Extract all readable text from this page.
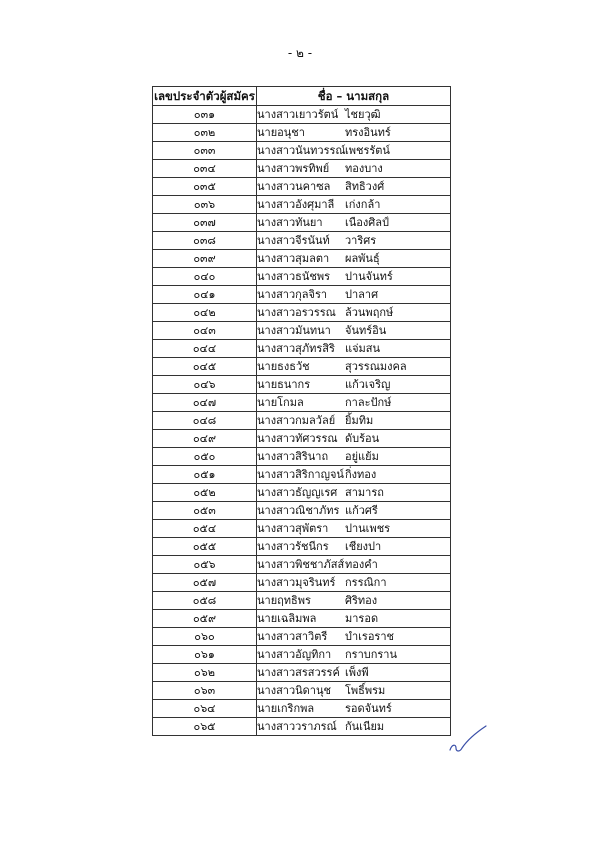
- ๒ -
เลขประจำตัวผู้สมัคร	ชื่อ – นามสกุล
๐๓๑	นางสาวเยาวรัตน์ ไชยวุฒิ
๐๓๒	นายอนุชา ทรงอินทร์
๐๓๓	นางสาวนันทวรรณ์เพชรรัตน์
๐๓๔	นางสาวพรทิพย์ ทองบาง
๐๓๕	นางสาวนคาซล สิทธิวงศ์
๐๓๖	นางสาวอังศุมาลี เก่งกล้า
๐๓๗	นางสาวทันยา เนืองศิลป์
๐๓๘	นางสาวจีรนันท์ วาริศร
๐๓๙	นางสาวสุมลตา ผลพันธุ์
๐๔๐	นางสาวธนัชพร ปานจันทร์
๐๔๑	นางสาวกุลจิรา ปาลาศ
๐๔๒	นางสาวอรวรรณ ล้วนพฤกษ์
๐๔๓	นางสาวมันทนา จันทร์อิน
๐๔๔	นางสาวสุภัทรสิริ แจ่มสน
๐๔๕	นายธงธวัช สุวรรณมงคล
๐๔๖	นายธนากร แก้วเจริญ
๐๔๗	นายโกมล กาละปักษ์
๐๔๘	นางสาวกมลวัลย์ ยิ้มทิม
๐๔๙	นางสาวทัศวรรณ ดับร้อน
๐๕๐	นางสาวสิรินาถ อยู่แย้ม
๐๕๑	นางสาวสิริกาญจน์กิ่งทอง
๐๕๒	นางสาวธัญญเรศ สามารถ
๐๕๓	นางสาวณิชาภัทร แก้วศรี
๐๕๔	นางสาวสุพัตรา ปานเพชร
๐๕๕	นางสาวรัชนีกร เชียงปา
๐๕๖	นางสาวพิชชาภัสส์ทองคำ
๐๕๗	นางสาวมุจรินทร์ กรรณิกา
๐๕๘	นายฤทธิพร ศิริทอง
๐๕๙	นายเฉลิมพล มารอด
๐๖๐	นางสาวสาวิตรี บำเรอราช
๐๖๑	นางสาวอัญทิกา กราบกราน
๐๖๒	นางสาวสรสวรรค์ เพ็งพี
๐๖๓	นางสาวนิดานุช โพธิ์พรม
๐๖๔	นายเกริกพล รอดจันทร์
๐๖๕	นางสาววราภรณ์ กันเนียม
